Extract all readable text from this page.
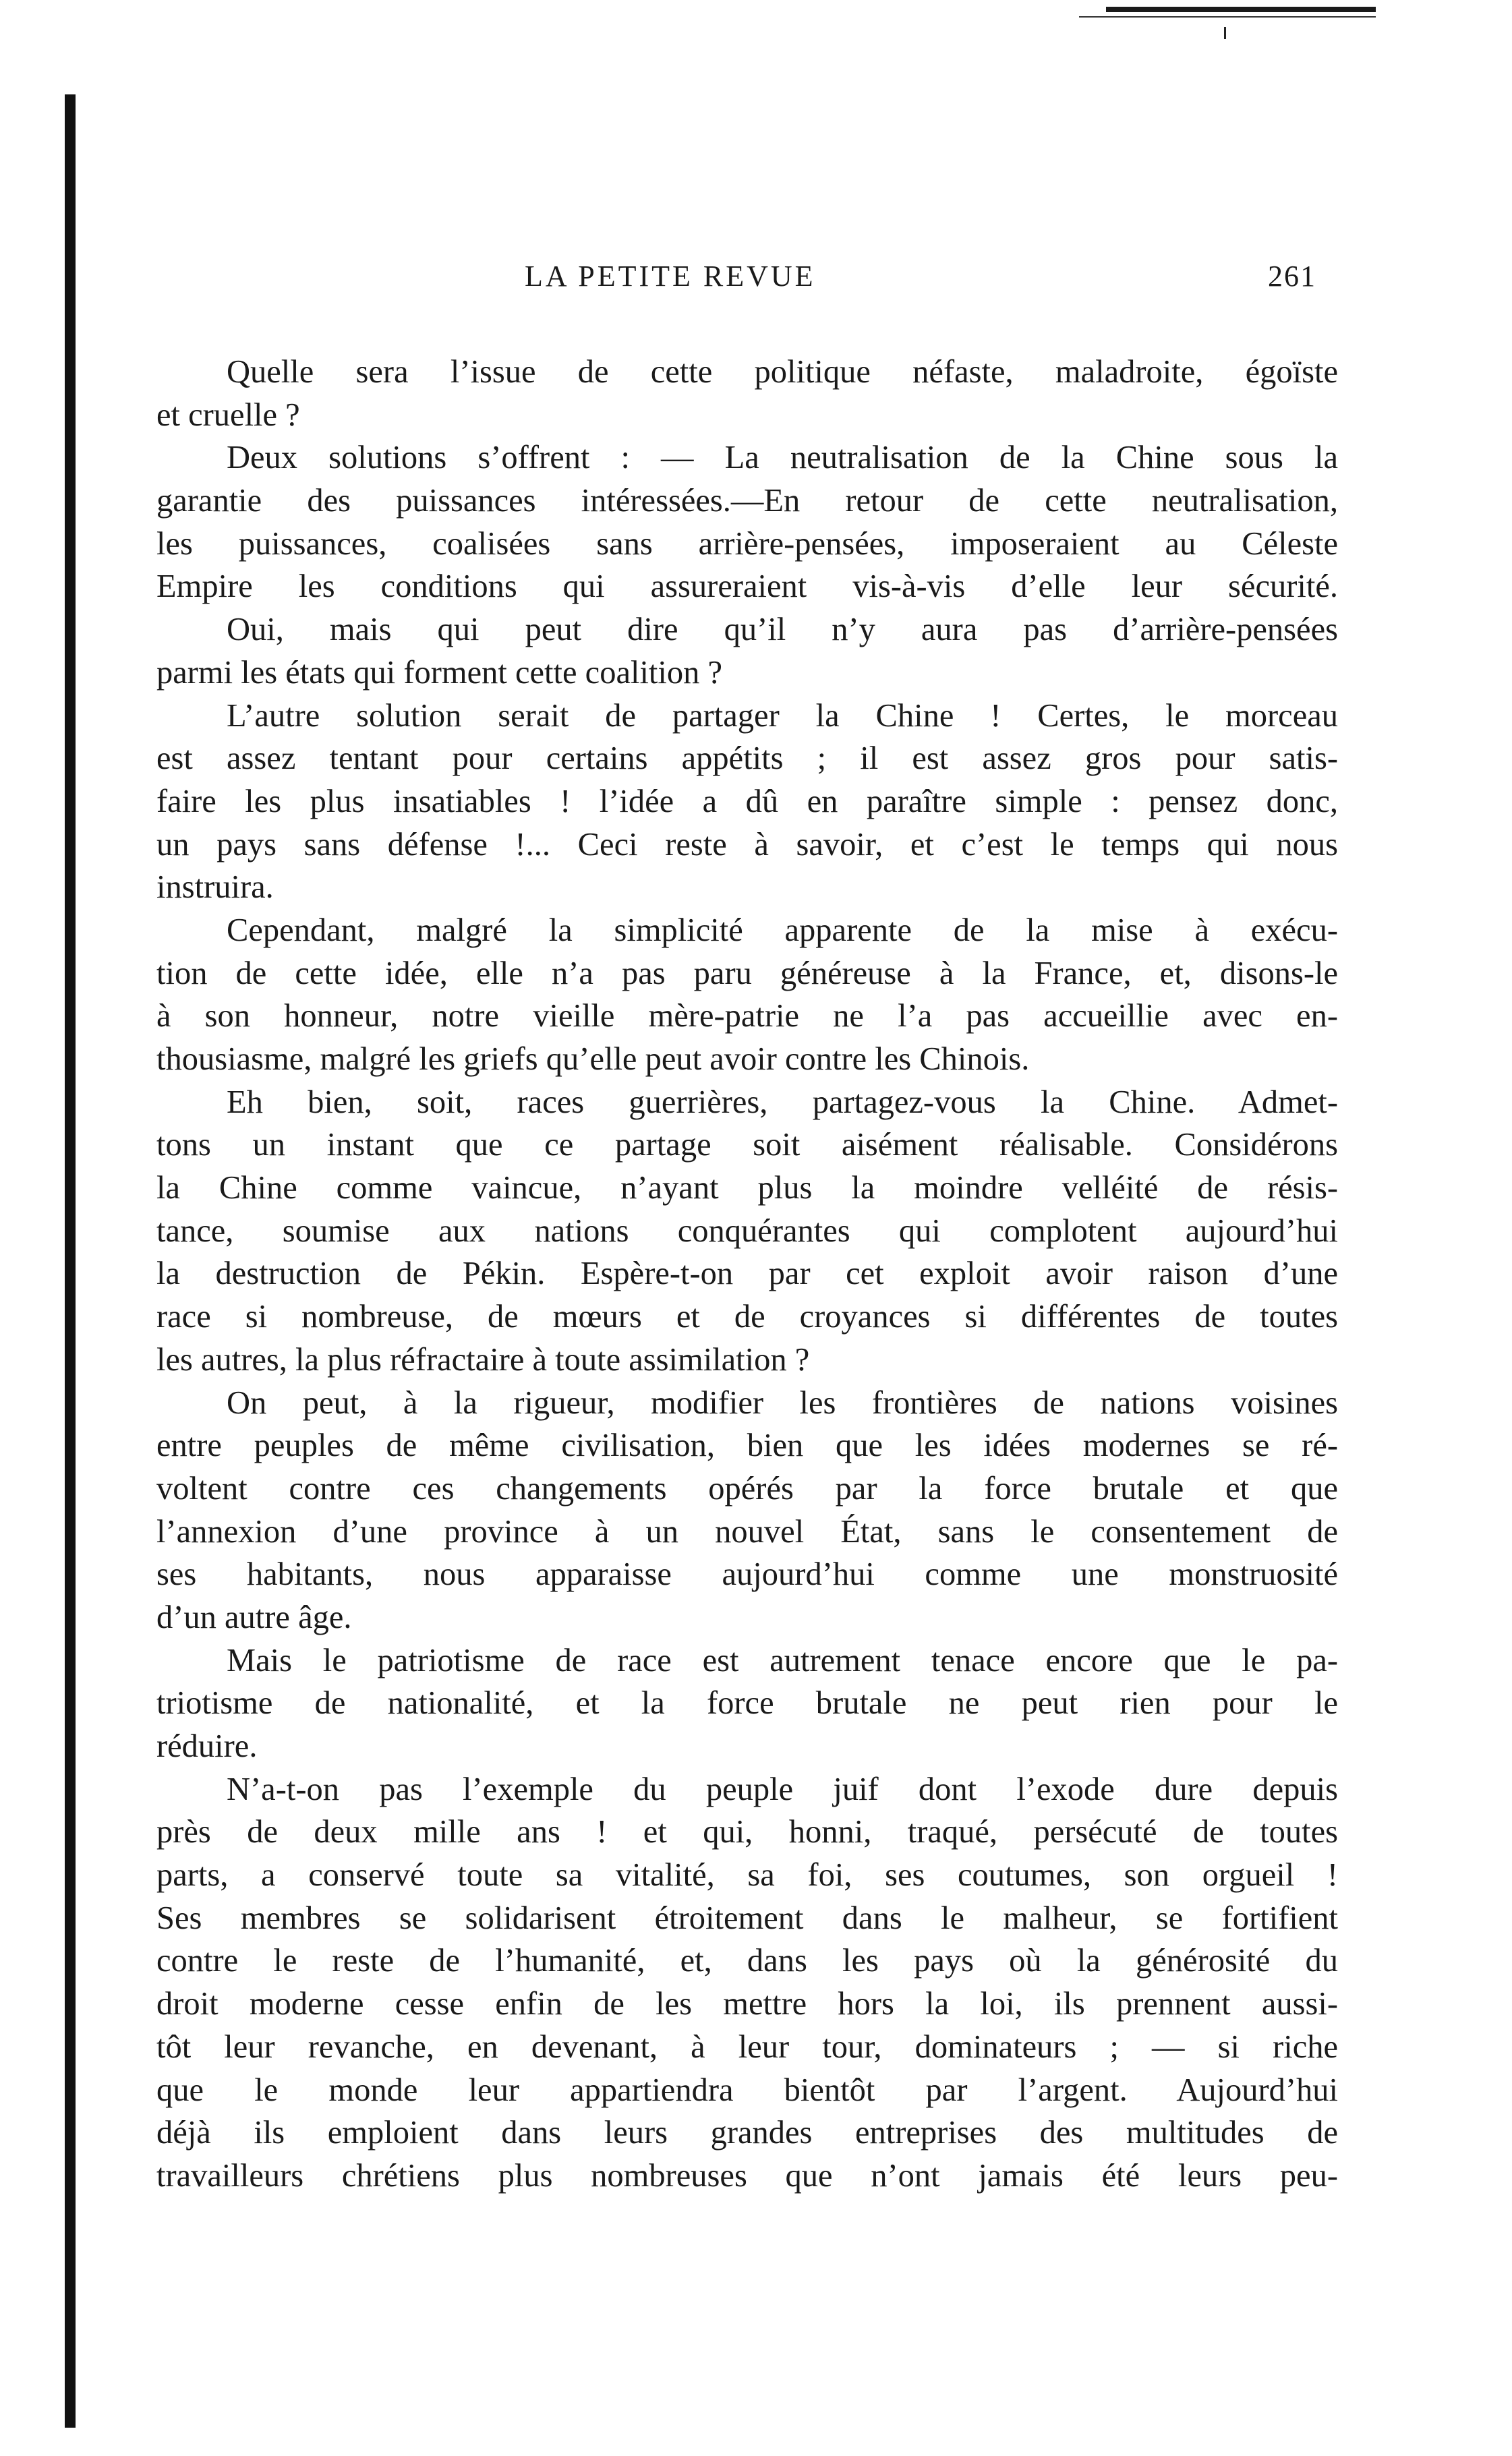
LA PETITE REVUE	261
Quelle sera l’issue de cette politique néfaste, maladroite, égoïste
et cruelle ?
Deux solutions s’offrent : — La neutralisation de la Chine sous la
garantie des puissances intéressées.—En retour de cette neutralisation,
les puissances, coalisées sans arrière-pensées, imposeraient au Céleste
Empire les conditions qui assureraient vis-à-vis d’elle leur sécurité.
Oui, mais qui peut dire qu’il n’y aura pas d’arrière-pensées
parmi les états qui forment cette coalition ?
L’autre solution serait de partager la Chine ! Certes, le morceau
est assez tentant pour certains appétits ; il est assez gros pour satis-
faire les plus insatiables ! l’idée a dû en paraître simple : pensez donc,
un pays sans défense !... Ceci reste à savoir, et c’est le temps qui nous
instruira.
Cependant, malgré la simplicité apparente de la mise à exécu-
tion de cette idée, elle n’a pas paru généreuse à la France, et, disons-le
à son honneur, notre vieille mère-patrie ne l’a pas accueillie avec en-
thousiasme, malgré les griefs qu’elle peut avoir contre les Chinois.
Eh bien, soit, races guerrières, partagez-vous la Chine. Admet-
tons un instant que ce partage soit aisément réalisable. Considérons
la Chine comme vaincue, n’ayant plus la moindre velléité de résis-
tance, soumise aux nations conquérantes qui complotent aujourd’hui
la destruction de Pékin. Espère-t-on par cet exploit avoir raison d’une
race si nombreuse, de mœurs et de croyances si différentes de toutes
les autres, la plus réfractaire à toute assimilation ?
On peut, à la rigueur, modifier les frontières de nations voisines
entre peuples de même civilisation, bien que les idées modernes se ré-
voltent contre ces changements opérés par la force brutale et que
l’annexion d’une province à un nouvel État, sans le consentement de
ses habitants, nous apparaisse aujourd’hui comme une monstruosité
d’un autre âge.
Mais le patriotisme de race est autrement tenace encore que le pa-
triotisme de nationalité, et la force brutale ne peut rien pour le
réduire.
N’a-t-on pas l’exemple du peuple juif dont l’exode dure depuis
près de deux mille ans ! et qui, honni, traqué, persécuté de toutes
parts, a conservé toute sa vitalité, sa foi, ses coutumes, son orgueil !
Ses membres se solidarisent étroitement dans le malheur, se fortifient
contre le reste de l’humanité, et, dans les pays où la générosité du
droit moderne cesse enfin de les mettre hors la loi, ils prennent aussi-
tôt leur revanche, en devenant, à leur tour, dominateurs ; — si riche
que le monde leur appartiendra bientôt par l’argent. Aujourd’hui
déjà ils emploient dans leurs grandes entreprises des multitudes de
travailleurs chrétiens plus nombreuses que n’ont jamais été leurs peu-
